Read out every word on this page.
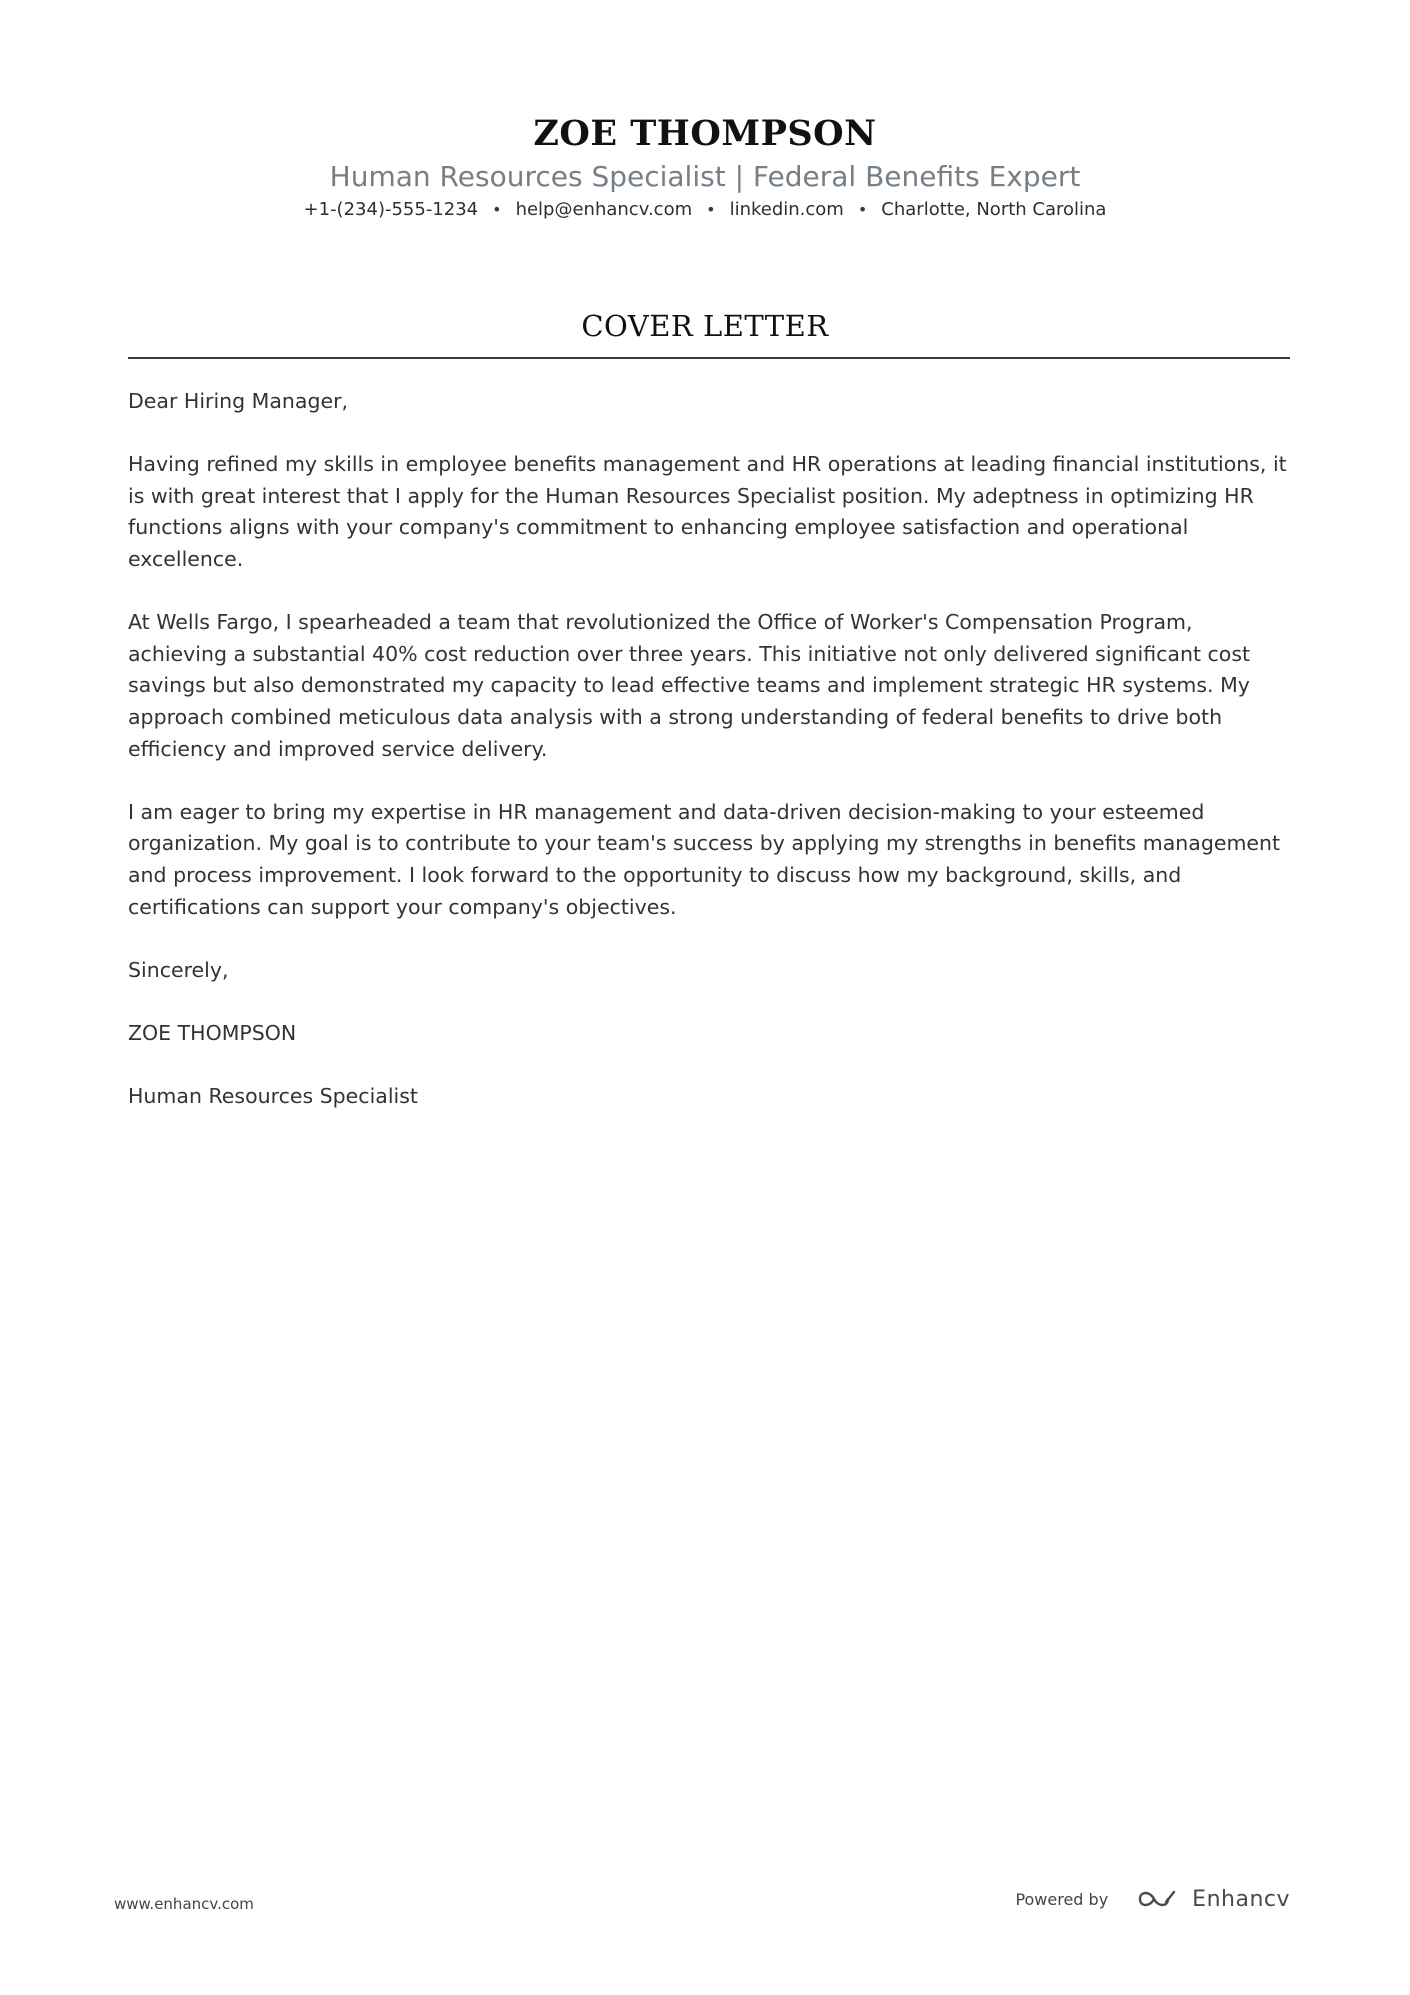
ZOE THOMPSON
Human Resources Specialist | Federal Benefits Expert
+1-(234)-555-1234 • help@enhancv.com • linkedin.com • Charlotte, North Carolina
COVER LETTER

Dear Hiring Manager,

Having refined my skills in employee benefits management and HR operations at leading financial institutions, it is with great interest that I apply for the Human Resources Specialist position. My adeptness in optimizing HR functions aligns with your company's commitment to enhancing employee satisfaction and operational excellence.

At Wells Fargo, I spearheaded a team that revolutionized the Office of Worker's Compensation Program, achieving a substantial 40% cost reduction over three years. This initiative not only delivered significant cost savings but also demonstrated my capacity to lead effective teams and implement strategic HR systems. My approach combined meticulous data analysis with a strong understanding of federal benefits to drive both efficiency and improved service delivery.

I am eager to bring my expertise in HR management and data-driven decision-making to your esteemed organization. My goal is to contribute to your team's success by applying my strengths in benefits management and process improvement. I look forward to the opportunity to discuss how my background, skills, and certifications can support your company's objectives.

Sincerely,

ZOE THOMPSON

Human Resources Specialist

www.enhancv.com	Powered by	Enhancv
